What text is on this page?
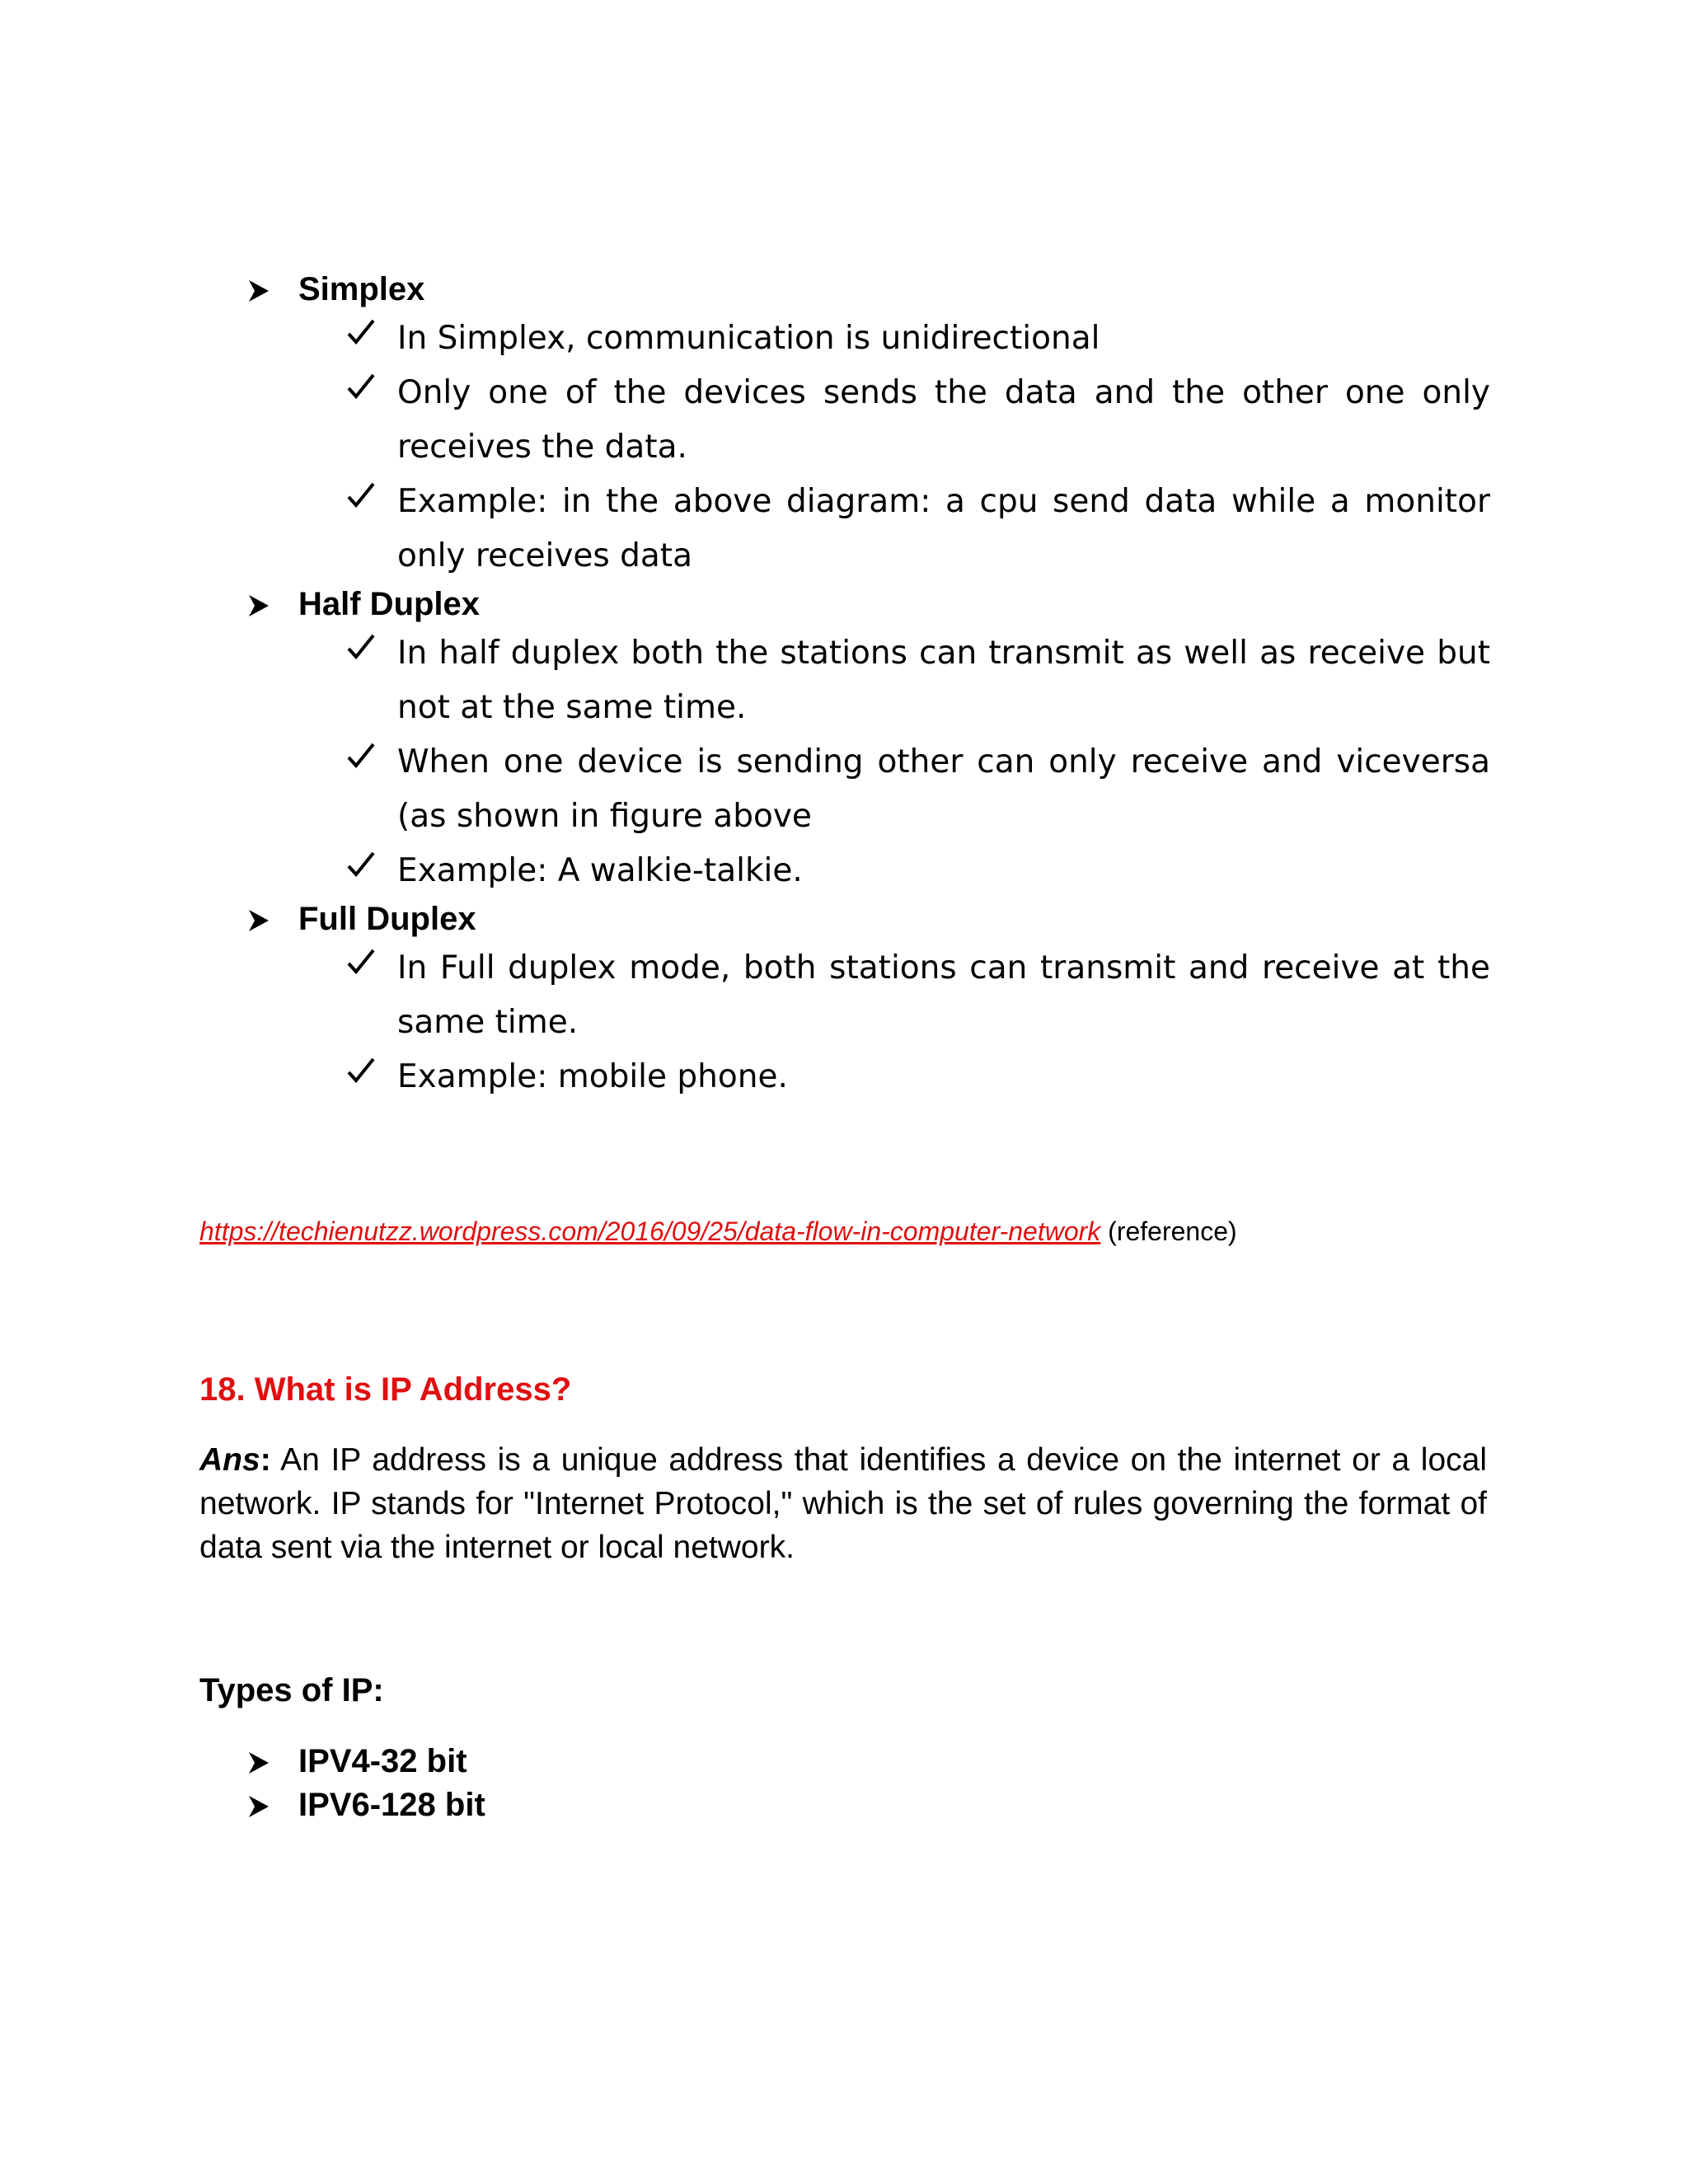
Simplex
In Simplex, communication is unidirectional
Only one of the devices sends the data and the other one only receives the data.
Example: in the above diagram: a cpu send data while a monitor only receives data
Half Duplex
In half duplex both the stations can transmit as well as receive but not at the same time.
When one device is sending other can only receive and viceversa (as shown in figure above
Example: A walkie-talkie.
Full Duplex
In Full duplex mode, both stations can transmit and receive at the same time.
Example: mobile phone.
https://techienutzz.wordpress.com/2016/09/25/data-flow-in-computer-network (reference)
18. What is IP Address?
Ans: An IP address is a unique address that identifies a device on the internet or a local network. IP stands for "Internet Protocol," which is the set of rules governing the format of data sent via the internet or local network.
Types of IP:
IPV4-32 bit
IPV6-128 bit
